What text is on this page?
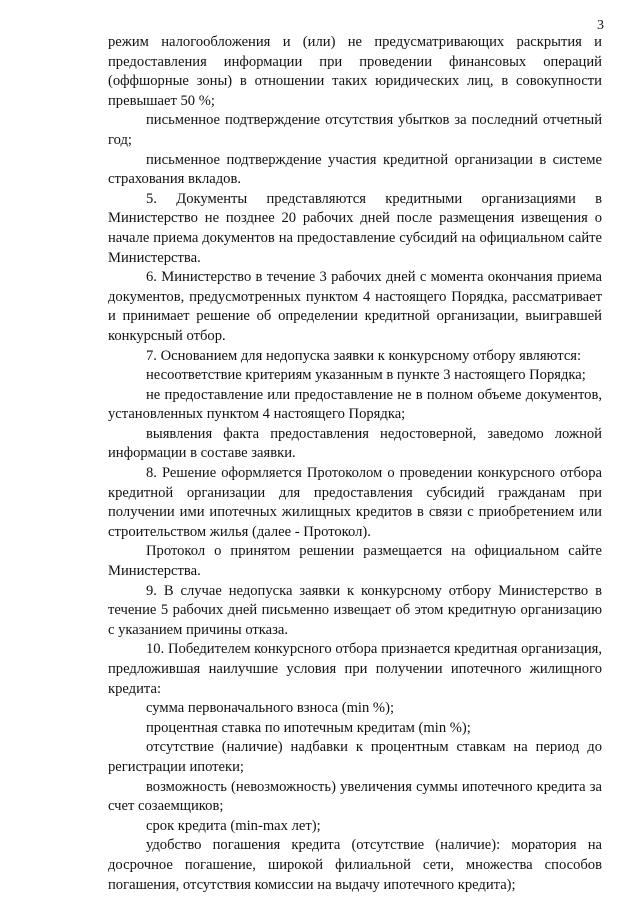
3

режим налогообложения и (или) не предусматривающих раскрытия и предоставления информации при проведении финансовых операций (оффшорные зоны) в отношении таких юридических лиц, в совокупности превышает 50 %;

письменное подтверждение отсутствия убытков за последний отчетный год;

письменное подтверждение участия кредитной организации в системе страхования вкладов.

5. Документы представляются кредитными организациями в Министерство не позднее 20 рабочих дней после размещения извещения о начале приема документов на предоставление субсидий на официальном сайте Министерства.

6. Министерство в течение 3 рабочих дней с момента окончания приема документов, предусмотренных пунктом 4 настоящего Порядка, рассматривает и принимает решение об определении кредитной организации, выигравшей конкурсный отбор.

7. Основанием для недопуска заявки к конкурсному отбору являются:

несоответствие критериям указанным в пункте 3 настоящего Порядка;

не предоставление или предоставление не в полном объеме документов, установленных пунктом 4 настоящего Порядка;

выявления факта предоставления недостоверной, заведомо ложной информации в составе заявки.

8. Решение оформляется Протоколом о проведении конкурсного отбора кредитной организации для предоставления субсидий гражданам при получении ими ипотечных жилищных кредитов в связи с приобретением или строительством жилья (далее - Протокол).

Протокол о принятом решении размещается на официальном сайте Министерства.

9. В случае недопуска заявки к конкурсному отбору Министерство в течение 5 рабочих дней письменно извещает об этом кредитную организацию с указанием причины отказа.

10. Победителем конкурсного отбора признается кредитная организация, предложившая наилучшие условия при получении ипотечного жилищного кредита:

сумма первоначального взноса (min %);

процентная ставка по ипотечным кредитам (min %);

отсутствие (наличие) надбавки к процентным ставкам на период до регистрации ипотеки;

возможность (невозможность) увеличения суммы ипотечного кредита за счет созаемщиков;

срок кредита (min-max лет);

удобство погашения кредита (отсутствие (наличие): моратория на досрочное погашение, широкой филиальной сети, множества способов погашения, отсутствия комиссии на выдачу ипотечного кредита);
